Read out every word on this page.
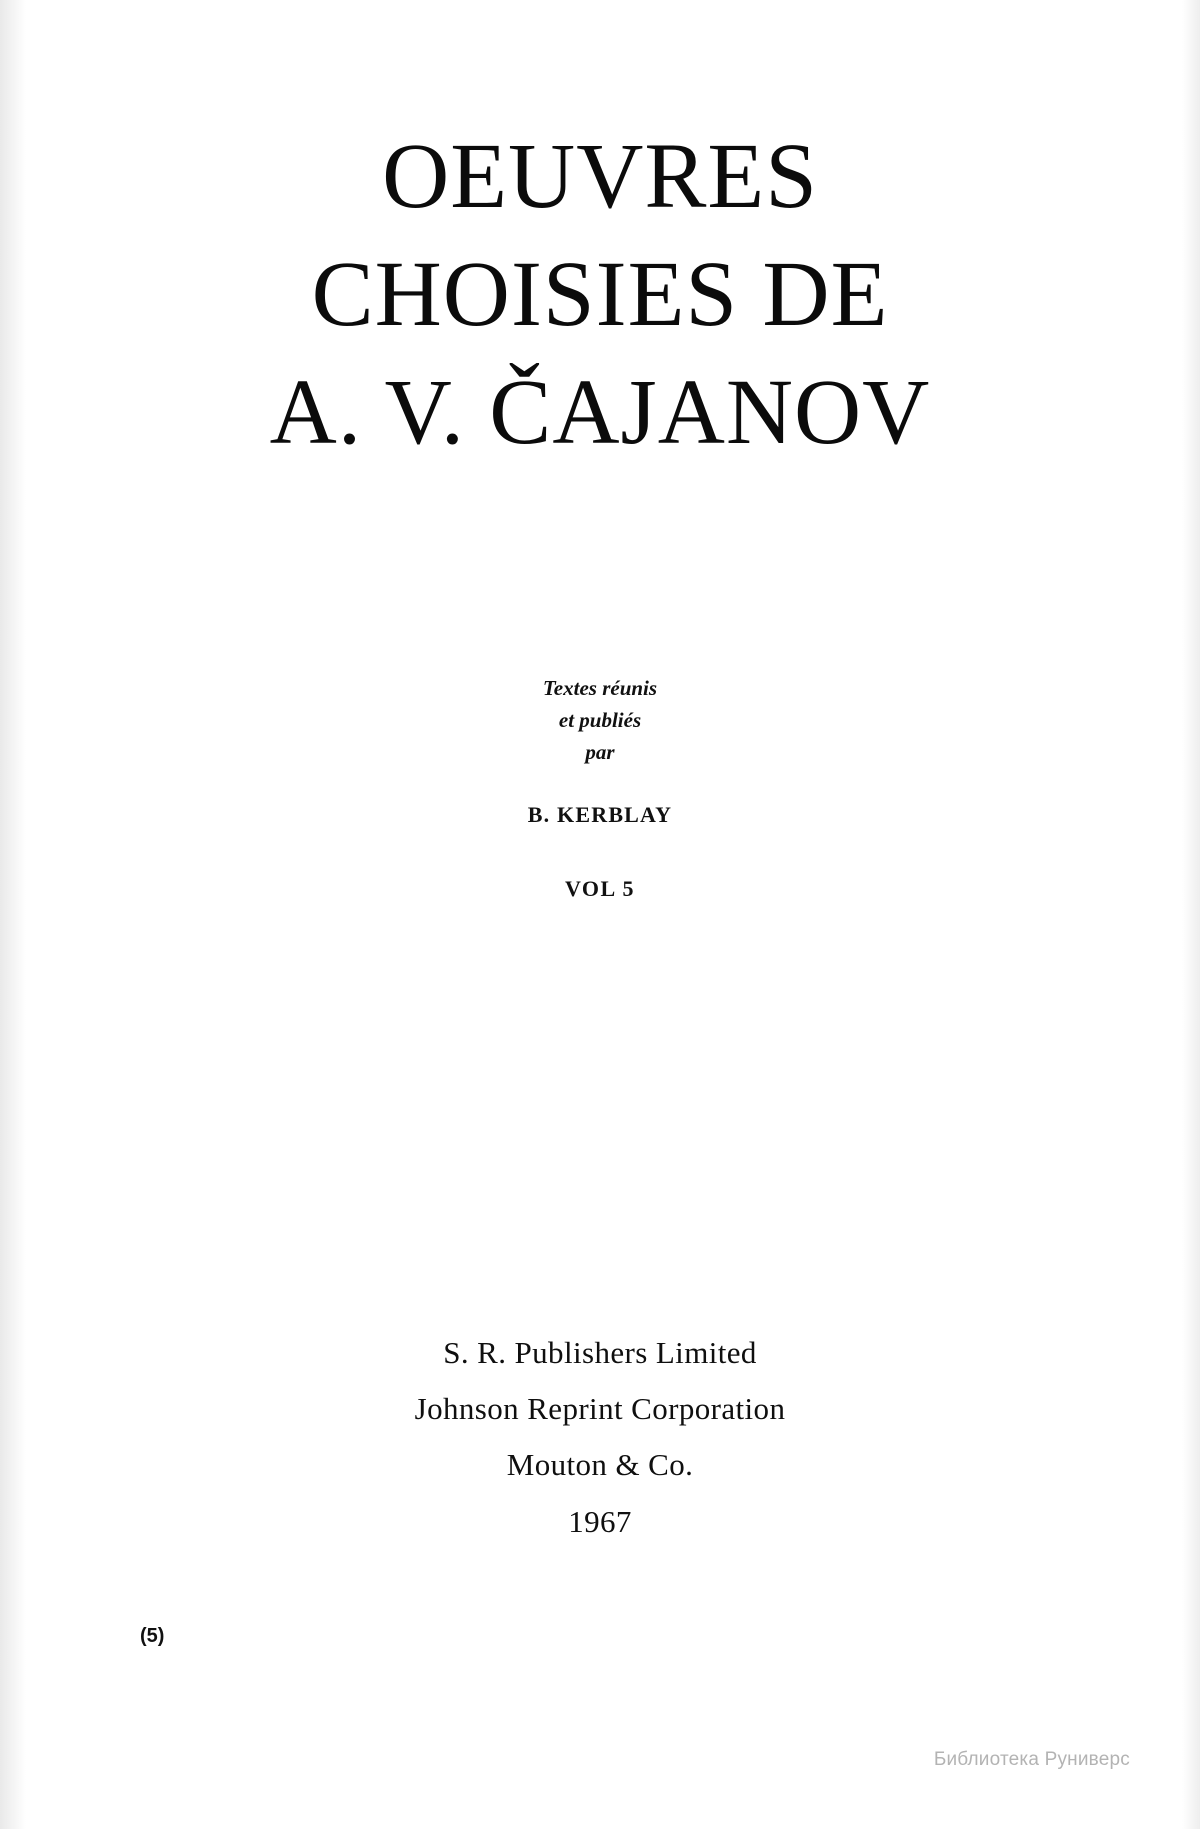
OEUVRES
CHOISIES DE
A. V. ČAJANOV
Textes réunis
et publiés
par
B. KERBLAY
VOL 5
S. R. Publishers Limited
Johnson Reprint Corporation
Mouton & Co.
1967
(5)
Библиотека Руниверс
